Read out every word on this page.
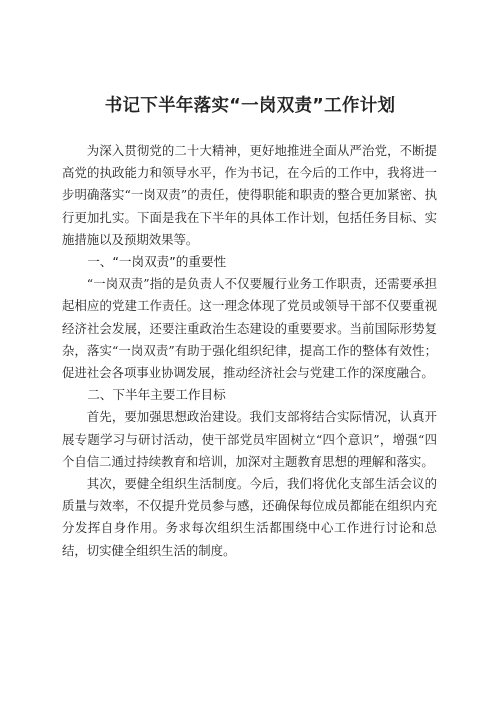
书记下半年落实“一岗双责”工作计划

为深入贯彻党的二十大精神，更好地推进全面从严治党，不断提高党的执政能力和领导水平，作为书记，在今后的工作中，我将进一步明确落实“一岗双责”的责任，使得职能和职责的整合更加紧密、执行更加扎实。下面是我在下半年的具体工作计划，包括任务目标、实施措施以及预期效果等。

一、“一岗双责”的重要性

“一岗双责”指的是负责人不仅要履行业务工作职责，还需要承担起相应的党建工作责任。这一理念体现了党员或领导干部不仅要重视经济社会发展，还要注重政治生态建设的重要要求。当前国际形势复杂，落实“一岗双责”有助于强化组织纪律，提高工作的整体有效性；促进社会各项事业协调发展，推动经济社会与党建工作的深度融合。

二、下半年主要工作目标

首先，要加强思想政治建设。我们支部将结合实际情况，认真开展专题学习与研讨活动，使干部党员牢固树立“四个意识”，增强“四个自信二通过持续教育和培训，加深对主题教育思想的理解和落实。

其次，要健全组织生活制度。今后，我们将优化支部生活会议的质量与效率，不仅提升党员参与感，还确保每位成员都能在组织内充分发挥自身作用。务求每次组织生活都围绕中心工作进行讨论和总结，切实健全组织生活的制度。
